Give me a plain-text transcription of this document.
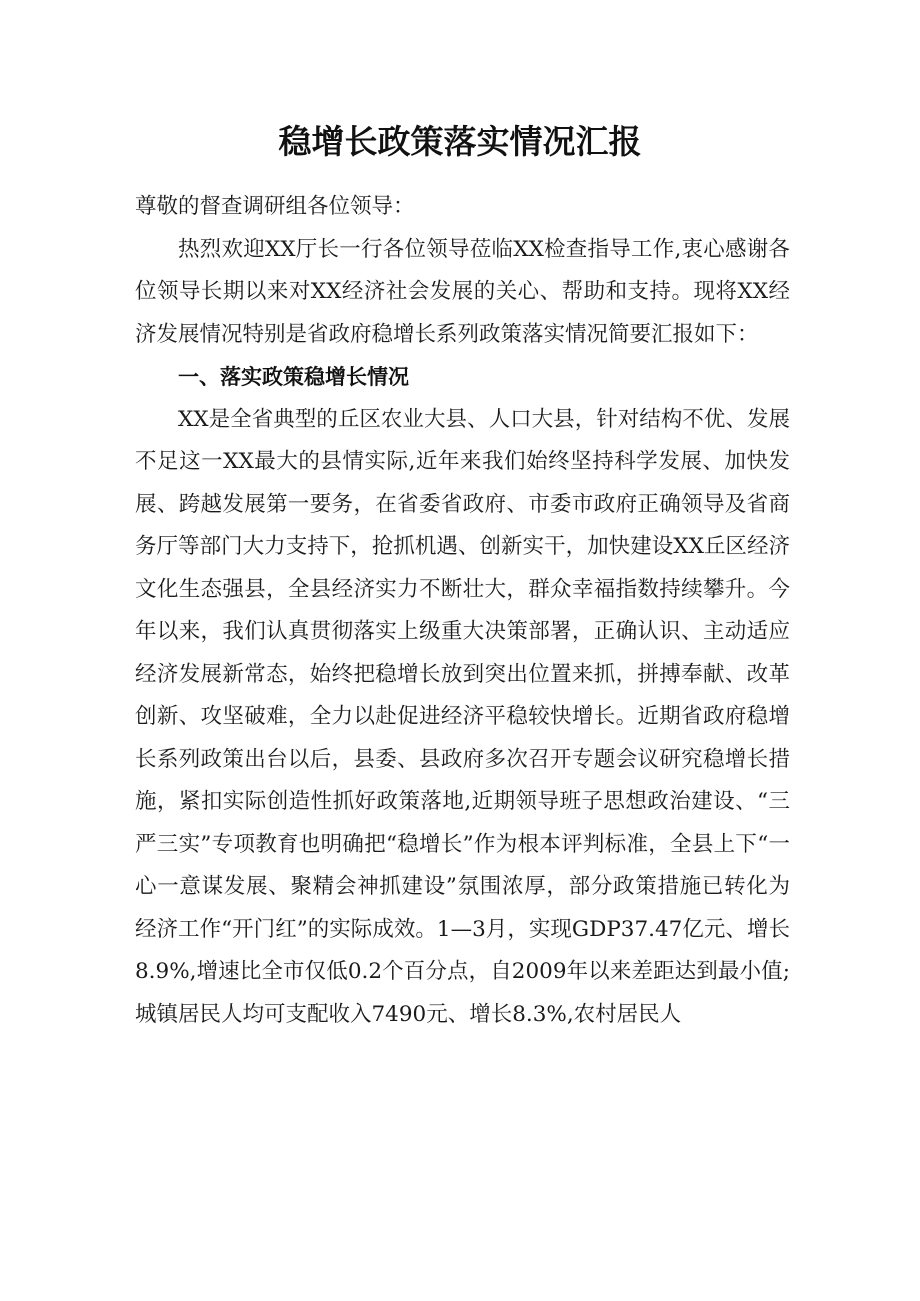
稳增长政策落实情况汇报

尊敬的督查调研组各位领导：

热烈欢迎XX厅长一行各位领导莅临XX检查指导工作,衷心感谢各位领导长期以来对XX经济社会发展的关心、帮助和支持。现将XX经济发展情况特别是省政府稳增长系列政策落实情况简要汇报如下：

一、落实政策稳增长情况

XX是全省典型的丘区农业大县、人口大县，针对结构不优、发展不足这一XX最大的县情实际,近年来我们始终坚持科学发展、加快发展、跨越发展第一要务，在省委省政府、市委市政府正确领导及省商务厅等部门大力支持下，抢抓机遇、创新实干，加快建设XX丘区经济文化生态强县，全县经济实力不断壮大，群众幸福指数持续攀升。今年以来，我们认真贯彻落实上级重大决策部署，正确认识、主动适应经济发展新常态，始终把稳增长放到突出位置来抓，拼搏奉献、改革创新、攻坚破难，全力以赴促进经济平稳较快增长。近期省政府稳增长系列政策出台以后，县委、县政府多次召开专题会议研究稳增长措施，紧扣实际创造性抓好政策落地,近期领导班子思想政治建设、“三严三实”专项教育也明确把“稳增长”作为根本评判标准，全县上下“一心一意谋发展、聚精会神抓建设”氛围浓厚，部分政策措施已转化为经济工作“开门红”的实际成效。1—3月，实现GDP37.47亿元、增长8.9%,增速比全市仅低0.2个百分点，自2009年以来差距达到最小值;城镇居民人均可支配收入7490元、增长8.3%,农村居民人
